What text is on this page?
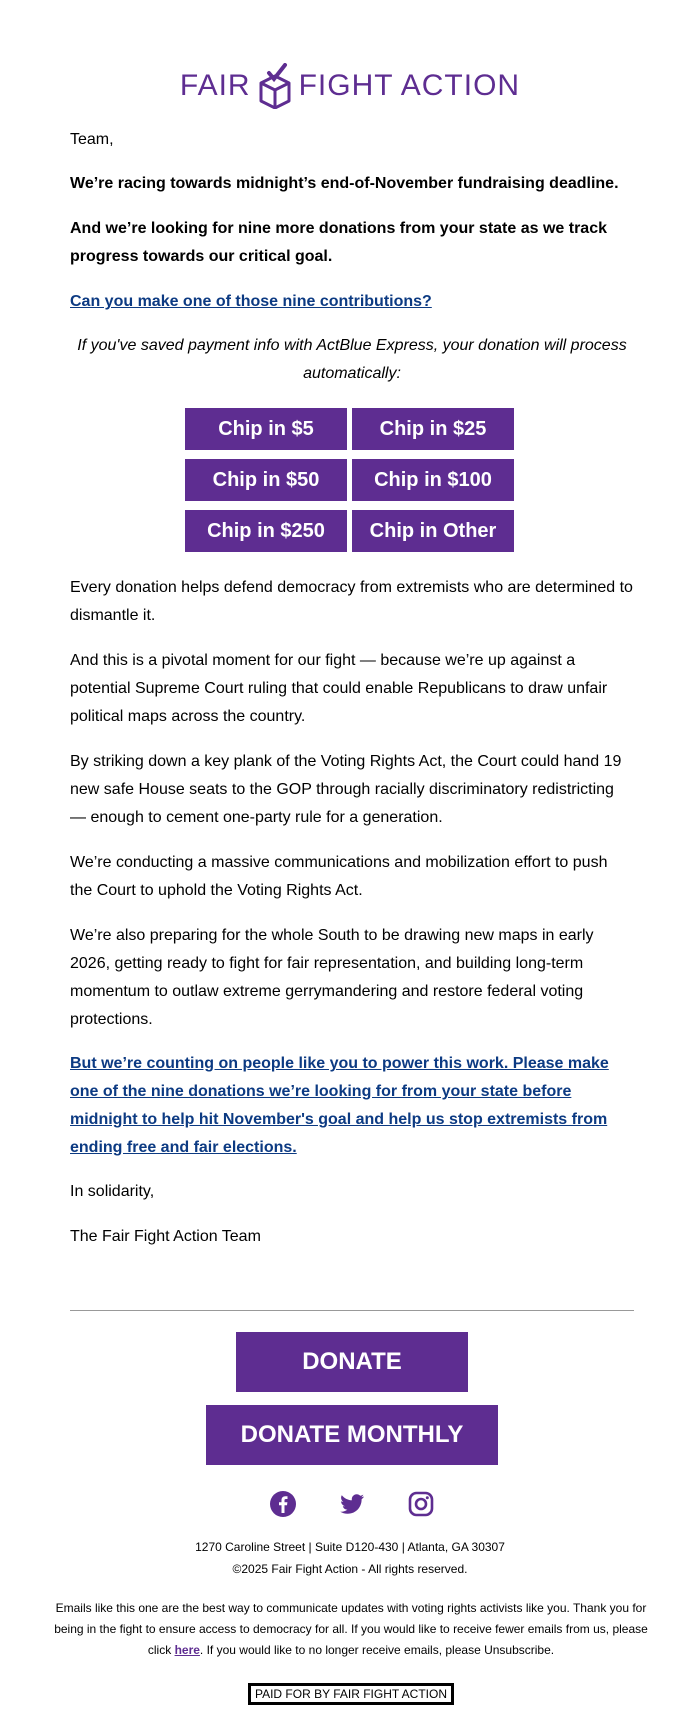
FAIR FIGHT ACTION

Team,

We’re racing towards midnight’s end-of-November fundraising deadline.

And we’re looking for nine more donations from your state as we track progress towards our critical goal.

Can you make one of those nine contributions?

If you've saved payment info with ActBlue Express, your donation will process automatically:

Chip in $5	Chip in $25
Chip in $50	Chip in $100
Chip in $250	Chip in Other

Every donation helps defend democracy from extremists who are determined to dismantle it.

And this is a pivotal moment for our fight — because we’re up against a potential Supreme Court ruling that could enable Republicans to draw unfair political maps across the country.

By striking down a key plank of the Voting Rights Act, the Court could hand 19 new safe House seats to the GOP through racially discriminatory redistricting — enough to cement one-party rule for a generation.

We’re conducting a massive communications and mobilization effort to push the Court to uphold the Voting Rights Act.

We’re also preparing for the whole South to be drawing new maps in early 2026, getting ready to fight for fair representation, and building long-term momentum to outlaw extreme gerrymandering and restore federal voting protections.

But we’re counting on people like you to power this work. Please make one of the nine donations we’re looking for from your state before midnight to help hit November's goal and help us stop extremists from ending free and fair elections.

In solidarity,

The Fair Fight Action Team

DONATE
DONATE MONTHLY
1270 Caroline Street | Suite D120-430 | Atlanta, GA 30307
©2025 Fair Fight Action - All rights reserved.
Emails like this one are the best way to communicate updates with voting rights activists like you. Thank you for being in the fight to ensure access to democracy for all. If you would like to receive fewer emails from us, please click here. If you would like to no longer receive emails, please Unsubscribe.
PAID FOR BY FAIR FIGHT ACTION
